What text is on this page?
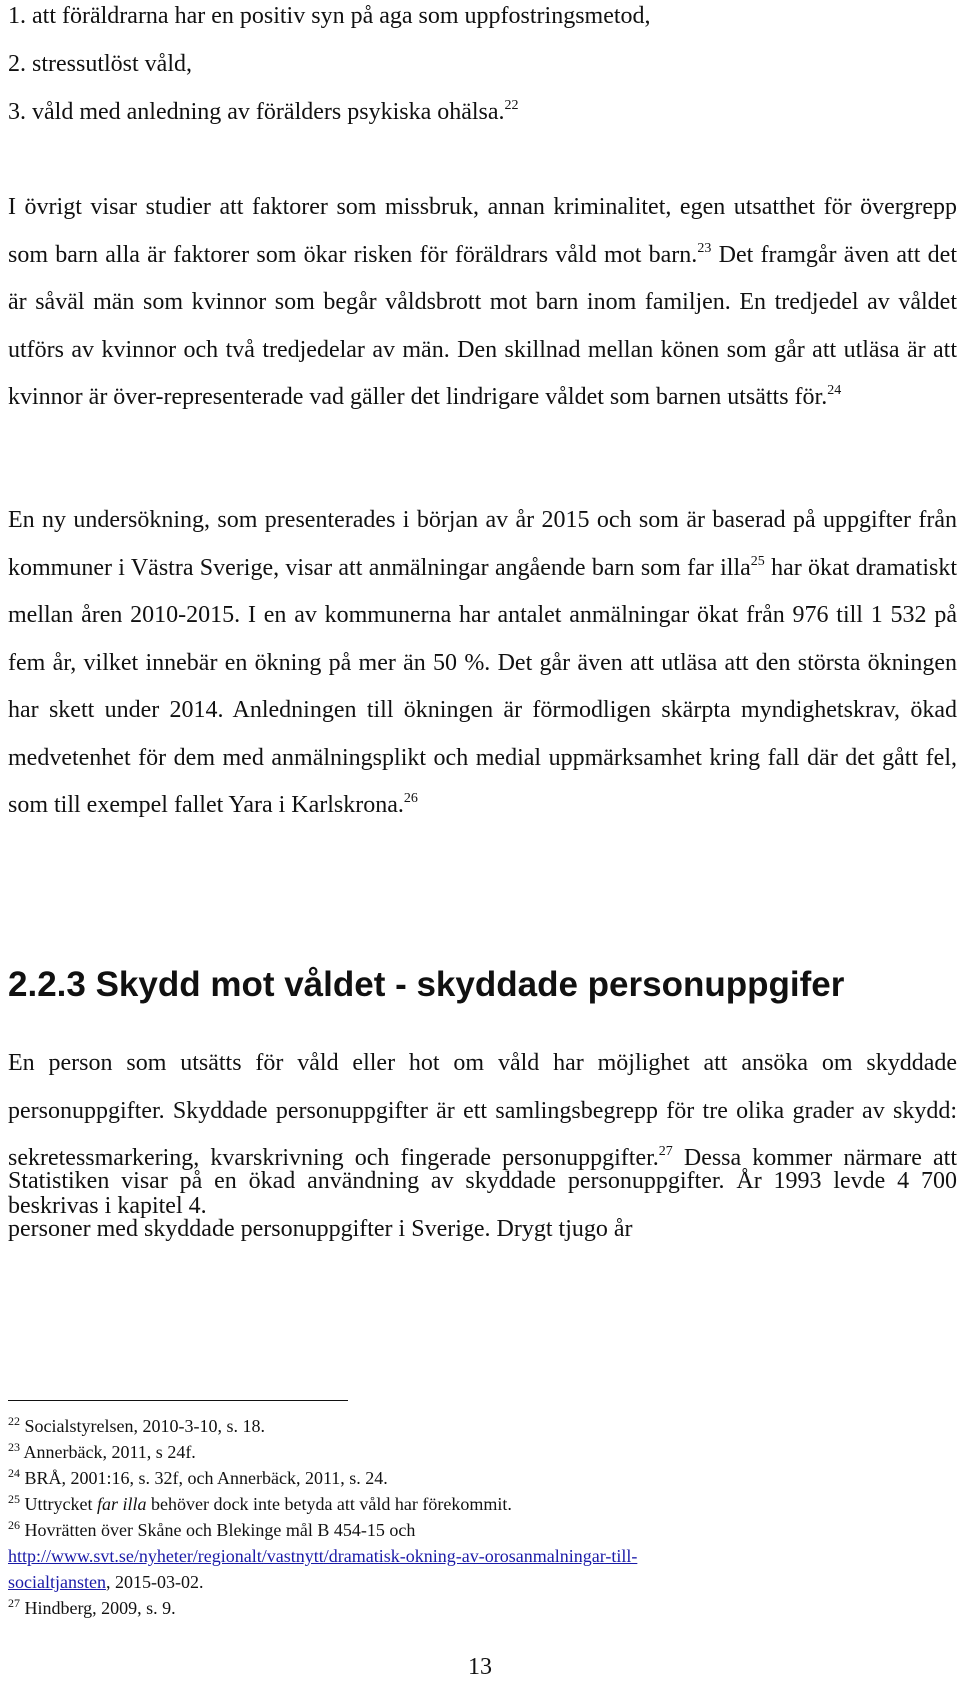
1. att föräldrarna har en positiv syn på aga som uppfostringsmetod,
2. stressutlöst våld,
3. våld med anledning av förälders psykiska ohälsa.$^{22}$

I övrigt visar studier att faktorer som missbruk, annan kriminalitet, egen utsatthet för övergrepp som barn alla är faktorer som ökar risken för föräldrars våld mot barn.$^{23}$ Det framgår även att det är såväl män som kvinnor som begår våldsbrott mot barn inom familjen. En tredjedel av våldet utförs av kvinnor och två tredjedelar av män. Den skillnad mellan könen som går att utläsa är att kvinnor är över-representerade vad gäller det lindrigare våldet som barnen utsätts för.$^{24}$

En ny undersökning, som presenterades i början av år 2015 och som är baserad på uppgifter från kommuner i Västra Sverige, visar att anmälningar angående barn som far illa$^{25}$ har ökat dramatiskt mellan åren 2010-2015. I en av kommunerna har antalet anmälningar ökat från 976 till 1 532 på fem år, vilket innebär en ökning på mer än 50 %. Det går även att utläsa att den största ökningen har skett under 2014. Anledningen till ökningen är förmodligen skärpta myndighetskrav, ökad medvetenhet för dem med anmälningsplikt och medial uppmärksamhet kring fall där det gått fel, som till exempel fallet Yara i Karlskrona.$^{26}$

2.2.3 Skydd mot våldet - skyddade personuppgifer

En person som utsätts för våld eller hot om våld har möjlighet att ansöka om skyddade personuppgifter. Skyddade personuppgifter är ett samlingsbegrepp för tre olika grader av skydd: sekretessmarkering, kvarskrivning och fingerade personuppgifter.$^{27}$ Dessa kommer närmare att beskrivas i kapitel 4.

Statistiken visar på en ökad användning av skyddade personuppgifter. År 1993 levde 4 700 personer med skyddade personuppgifter i Sverige. Drygt tjugo år

$^{22}$ Socialstyrelsen, 2010-3-10, s. 18.
$^{23}$ Annerbäck, 2011, s 24f.
$^{24}$ BRÅ, 2001:16, s. 32f, och Annerbäck, 2011, s. 24.
$^{25}$ Uttrycket far illa behöver dock inte betyda att våld har förekommit.
$^{26}$ Hovrätten över Skåne och Blekinge mål B 454-15 och
http://www.svt.se/nyheter/regionalt/vastnytt/dramatisk-okning-av-orosanmalningar-till-
socialtjansten, 2015-03-02.
$^{27}$ Hindberg, 2009, s. 9.
13
